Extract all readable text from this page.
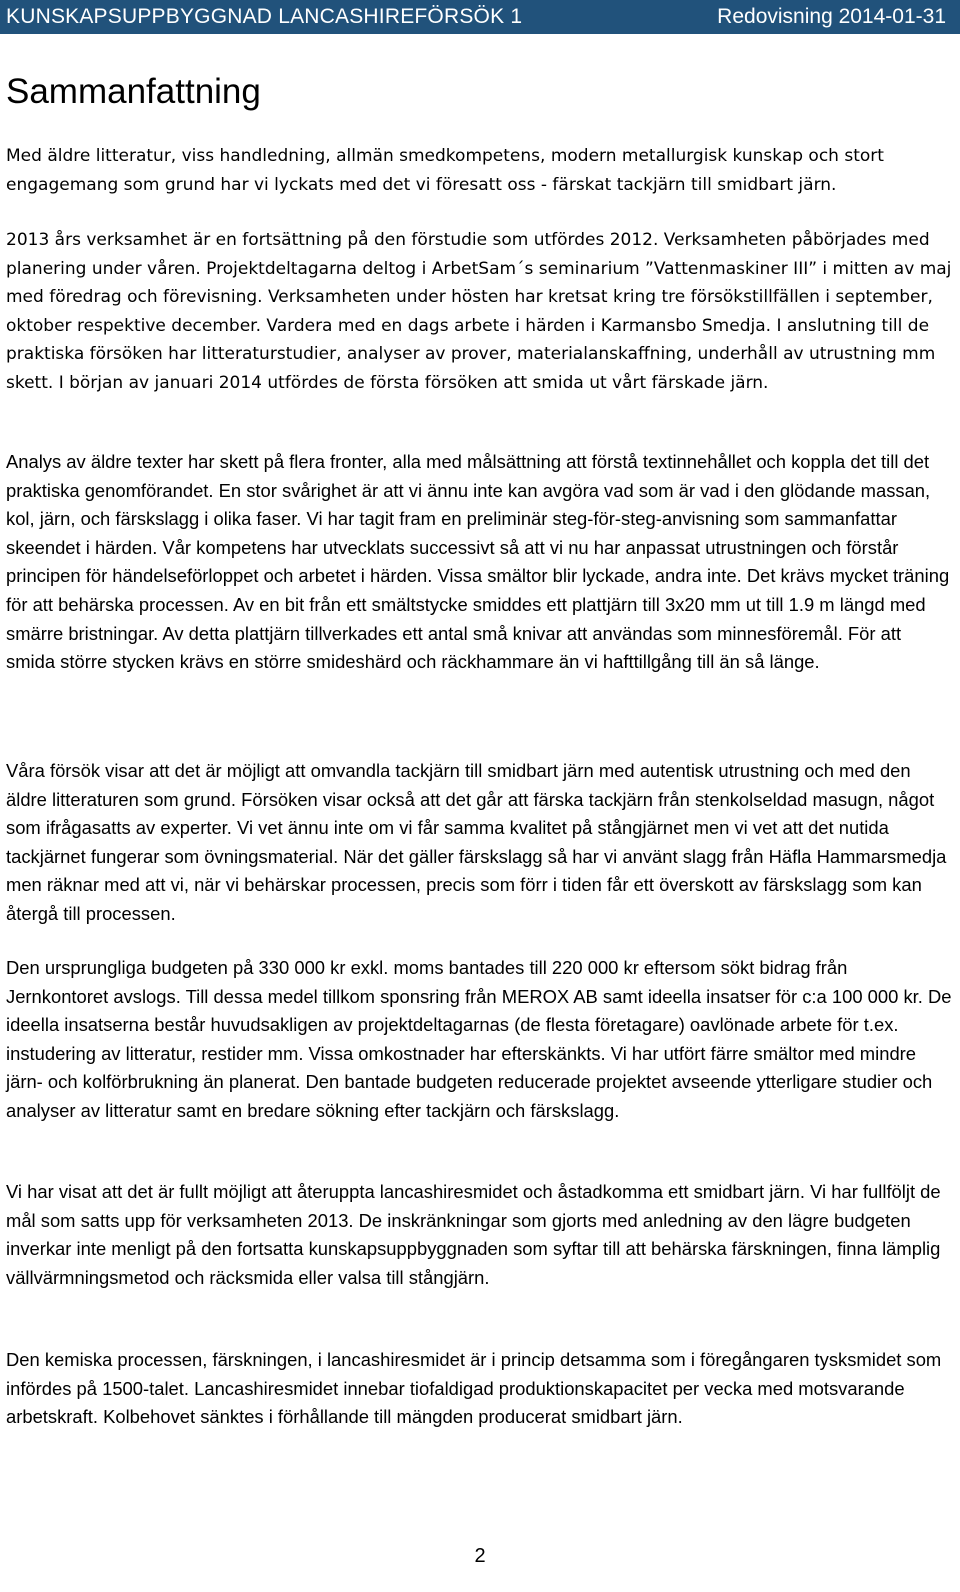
KUNSKAPSUPPBYGGNAD LANCASHIREFÖRSÖK 1	Redovisning 2014-01-31
Sammanfattning

Med äldre litteratur, viss handledning, allmän smedkompetens, modern metallurgisk kunskap och stort engagemang som grund har vi lyckats med det vi föresatt oss - färskat tackjärn till smidbart järn.

2013 års verksamhet är en fortsättning på den förstudie som utfördes 2012. Verksamheten påbörjades med planering under våren. Projektdeltagarna deltog i ArbetSam´s seminarium ”Vattenmaskiner III” i mitten av maj med föredrag och förevisning. Verksamheten under hösten har kretsat kring tre försökstillfällen i september, oktober respektive december. Vardera med en dags arbete i härden i Karmansbo Smedja. I anslutning till de praktiska försöken har litteraturstudier, analyser av prover, materialanskaffning, underhåll av utrustning mm skett. I början av januari 2014 utfördes de första försöken att smida ut vårt färskade järn.

Analys av äldre texter har skett på flera fronter, alla med målsättning att förstå textinnehållet och koppla det till det praktiska genomförandet. En stor svårighet är att vi ännu inte kan avgöra vad som är vad i den glödande massan, kol, järn, och färskslagg i olika faser. Vi har tagit fram en preliminär steg-för-steg-anvisning som sammanfattar skeendet i härden. Vår kompetens har utvecklats successivt så att vi nu har anpassat utrustningen och förstår principen för händelseförloppet och arbetet i härden. Vissa smältor blir lyckade, andra inte. Det krävs mycket träning för att behärska processen. Av en bit från ett smältstycke smiddes ett plattjärn till 3x20 mm ut till 1.9 m längd med smärre bristningar. Av detta plattjärn tillverkades ett antal små knivar att användas som minnesföremål. För att smida större stycken krävs en större smideshärd och räckhammare än vi hafttillgång till än så länge.

Våra försök visar att det är möjligt att omvandla tackjärn till smidbart järn med autentisk utrustning och med den äldre litteraturen som grund. Försöken visar också att det går att färska tackjärn från stenkolseldad masugn, något som ifrågasatts av experter. Vi vet ännu inte om vi får samma kvalitet på stångjärnet men vi vet att det nutida tackjärnet fungerar som övningsmaterial. När det gäller färskslagg så har vi använt slagg från Häfla Hammarsmedja men räknar med att vi, när vi behärskar processen, precis som förr i tiden får ett överskott av färskslagg som kan återgå till processen.

Den ursprungliga budgeten på 330 000 kr exkl. moms bantades till 220 000 kr eftersom sökt bidrag från Jernkontoret avslogs. Till dessa medel tillkom sponsring från MEROX AB samt ideella insatser för c:a 100 000 kr. De ideella insatserna består huvudsakligen av projektdeltagarnas (de flesta företagare) oavlönade arbete för t.ex. instudering av litteratur, restider mm. Vissa omkostnader har efterskänkts. Vi har utfört färre smältor med mindre järn- och kolförbrukning än planerat. Den bantade budgeten reducerade projektet avseende ytterligare studier och analyser av litteratur samt en bredare sökning efter tackjärn och färskslagg.

Vi har visat att det är fullt möjligt att återuppta lancashiresmidet och åstadkomma ett smidbart järn. Vi har fullföljt de mål som satts upp för verksamheten 2013. De inskränkningar som gjorts med anledning av den lägre budgeten inverkar inte menligt på den fortsatta kunskapsuppbyggnaden som syftar till att behärska färskningen, finna lämplig vällvärmningsmetod och räcksmida eller valsa till stångjärn.

Den kemiska processen, färskningen, i lancashiresmidet är i princip detsamma som i föregångaren tysksmidet som infördes på 1500-talet. Lancashiresmidet innebar tiofaldigad produktionskapacitet per vecka med motsvarande arbetskraft. Kolbehovet sänktes i förhållande till mängden producerat smidbart järn.

2
